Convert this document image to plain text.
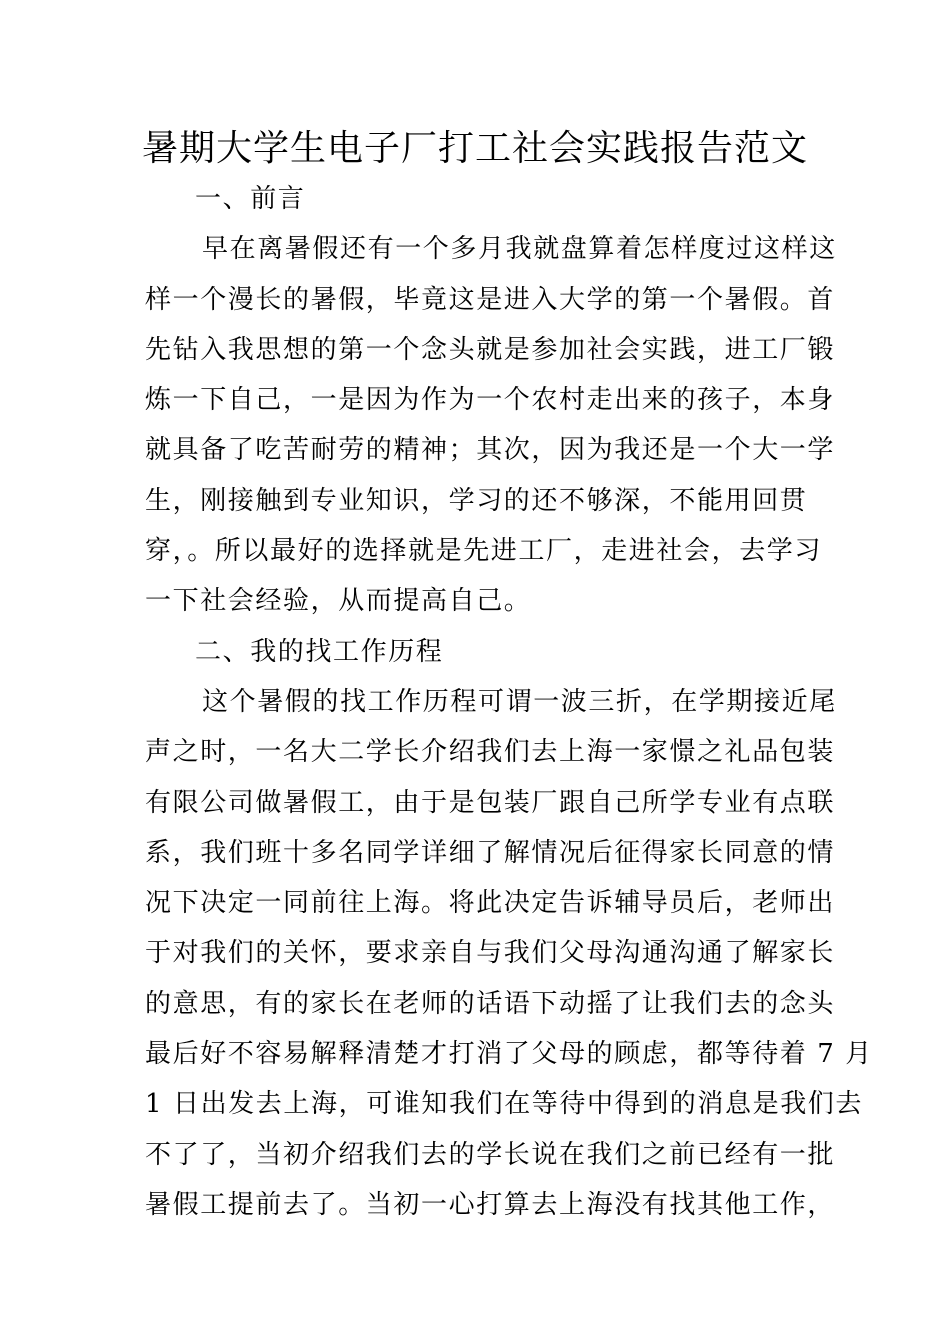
暑期大学生电子厂打工社会实践报告范文
一、前言
早在离暑假还有一个多月我就盘算着怎样度过这样这
样一个漫长的暑假，毕竟这是进入大学的第一个暑假。首
先钻入我思想的第一个念头就是参加社会实践，进工厂锻
炼一下自己，一是因为作为一个农村走出来的孩子，本身
就具备了吃苦耐劳的精神；其次，因为我还是一个大一学
生，刚接触到专业知识，学习的还不够深，不能用回贯
穿，。所以最好的选择就是先进工厂，走进社会，去学习
一下社会经验，从而提高自己。
二、我的找工作历程
这个暑假的找工作历程可谓一波三折，在学期接近尾
声之时，一名大二学长介绍我们去上海一家憬之礼品包装
有限公司做暑假工，由于是包装厂跟自己所学专业有点联
系，我们班十多名同学详细了解情况后征得家长同意的情
况下决定一同前往上海。将此决定告诉辅导员后，老师出
于对我们的关怀，要求亲自与我们父母沟通沟通了解家长
的意思，有的家长在老师的话语下动摇了让我们去的念头
最后好不容易解释清楚才打消了父母的顾虑，都等待着 7 月
1 日出发去上海，可谁知我们在等待中得到的消息是我们去
不了了，当初介绍我们去的学长说在我们之前已经有一批
暑假工提前去了。当初一心打算去上海没有找其他工作，
